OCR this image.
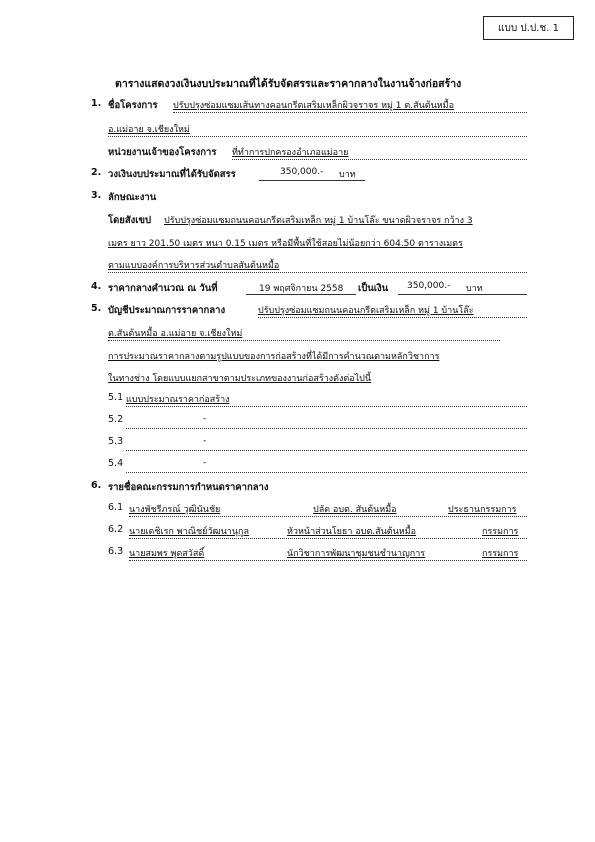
แบบ ป.ป.ช. 1
ตารางแสดงวงเงินงบประมาณที่ได้รับจัดสรรและราคากลางในงานจ้างก่อสร้าง
1. ชื่อโครงการ ปรับปรุงซ่อมแซมเส้นทางคอนกรีตเสริมเหล็กผิวจราจร หมู่ 1 ต.สันต้นหมื้อ
อ.แม่อาย จ.เชียงใหม่
หน่วยงานเจ้าของโครงการ ที่ทำการปกครองอำเภอแม่อาย
2. วงเงินงบประมาณที่ได้รับจัดสรร	350,000.- บาท
3. ลักษณะงาน
โดยสังเขป ปรับปรุงซ่อมแซมถนนคอนกรีตเสริมเหล็ก หมู่ 1 บ้านโล๊ะ ขนาดผิวจราจร กว้าง 3
เมตร ยาว 201.50 เมตร หนา 0.15 เมตร หรือมีพื้นที่ใช้สอยไม่น้อยกว่า 604.50 ตารางเมตร
ตามแบบองค์การบริหารส่วนตำบลสันต้นหมื้อ
4. ราคากลางคำนวณ ณ วันที่	19 พฤศจิกายน 2558 เป็นเงิน 350,000.- บาท
5. บัญชีประมาณการราคากลาง	ปรับปรุงซ่อมแซมถนนคอนกรีตเสริมเหล็ก หมู่ 1 บ้านโล๊ะ
ต.สันต้นหมื้อ อ.แม่อาย จ.เชียงใหม่
การประมาณราคากลางตามรูปแบบของการก่อสร้างที่ได้มีการคำนวณตามหลักวิชาการ
ในทางช่าง โดยแบบแยกสาขาตามประเภทของงานก่อสร้างดังต่อไปนี้
5.1 แบบประมาณราคาก่อสร้าง
5.2	-
5.3	-
5.4	-
6. รายชื่อคณะกรรมการกำหนดราคากลาง
6.1 นางพัชรีภรณ์ วุฒินันชัย	ปลัด อบต. สันต้นหมื้อ	ประธานกรรมการ
6.2 นายเดชิเรก พาณิชย์วัฒนานุกูล	หัวหน้าส่วนโยธา อบต.สันต้นหมื้อ	กรรมการ
6.3 นายสมพร พุดสวัสดิ์	นักวิชาการพัฒนาชุมชนชำนาญการ	กรรมการ
